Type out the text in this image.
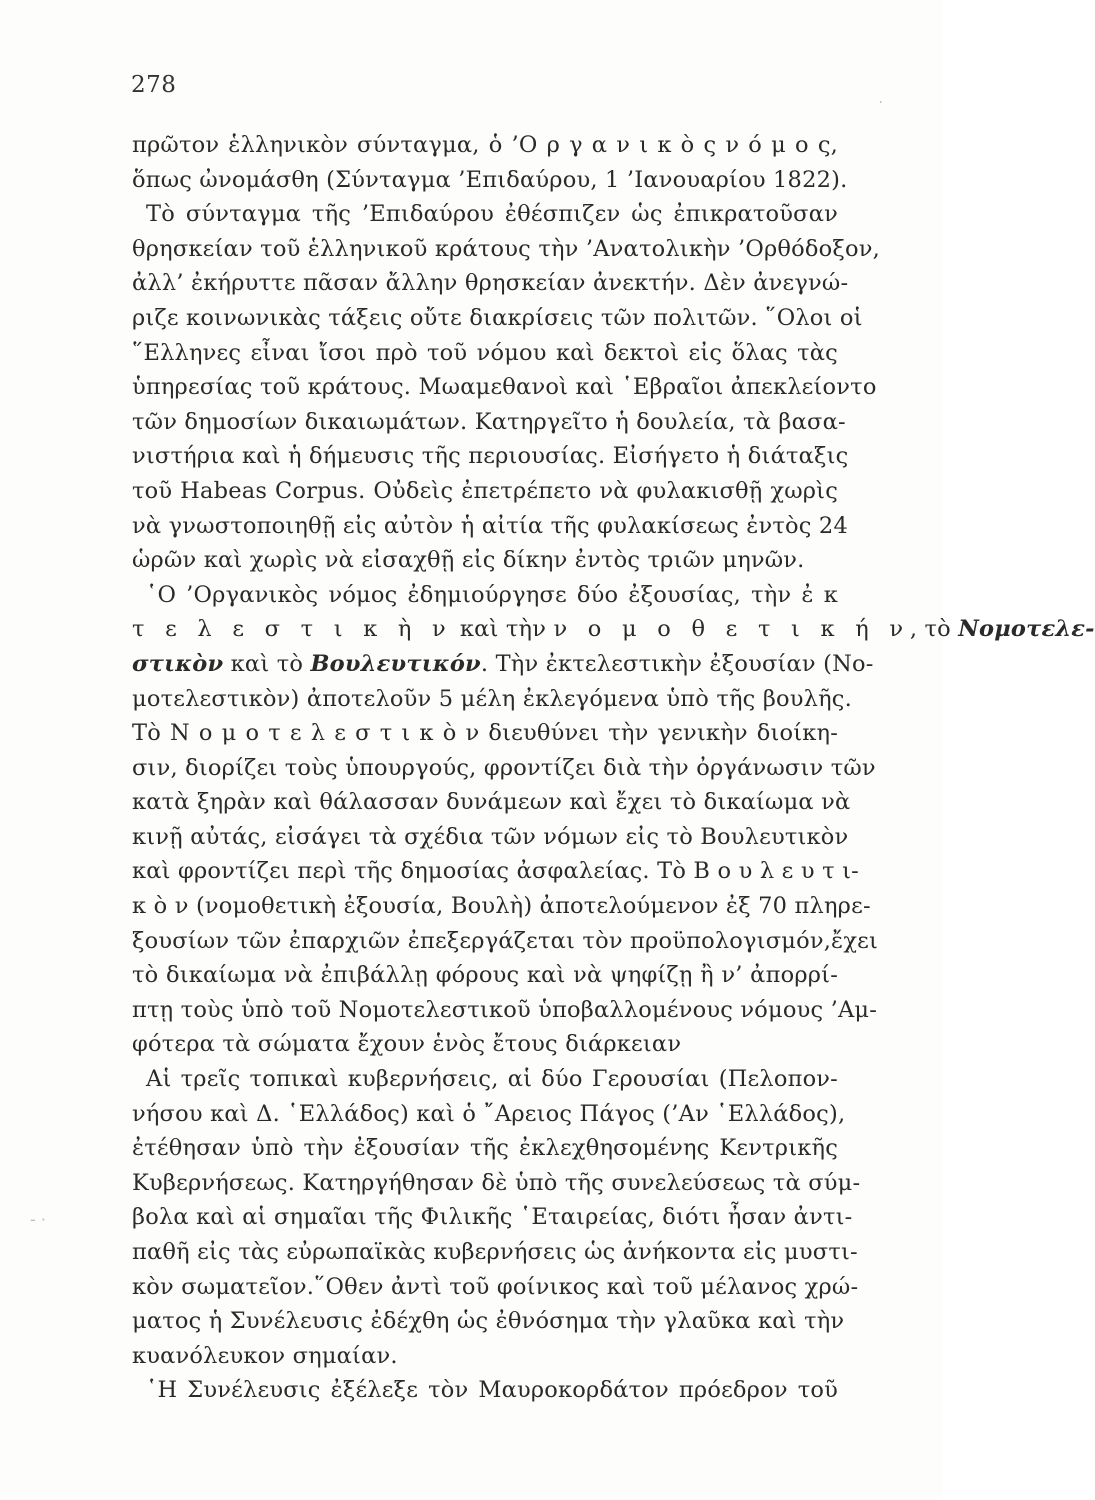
278
·
- ·
πρῶτον ἑλληνικὸν σύνταγμα, ὁ ’Ο ρ γ α ν ι κ ὸ ς ν ό μ ο ς,
ὅπως ὠνομάσθη (Σύνταγμα ’Επιδαύρου, 1 ’Ιανουαρίου 1822).
Τὸ σύνταγμα τῆς ’Επιδαύρου ἐθέσπιζεν ὡς ἐπικρατοῦσαν
θρησκείαν τοῦ ἑλληνικοῦ κράτους τὴν ’Ανατολικὴν ’Ορθόδοξον,
ἀλλ’ ἐκήρυττε πᾶσαν ἄλλην θρησκείαν ἀνεκτήν. Δὲν ἀνεγνώ-
ριζε κοινωνικὰς τάξεις οὔτε διακρίσεις τῶν πολιτῶν. ῞Ολοι οἱ
῞Ελληνες εἶναι ἴσοι πρὸ τοῦ νόμου καὶ δεκτοὶ εἰς ὅλας τὰς
ὑπηρεσίας τοῦ κράτους. Μωαμεθανοὶ καὶ ῾Εβραῖοι ἀπεκλείοντο
τῶν δημοσίων δικαιωμάτων. Κατηργεῖτο ἡ δουλεία, τὰ βασα-
νιστήρια καὶ ἡ δήμευσις τῆς περιουσίας. Εἰσήγετο ἡ διάταξις
τοῦ Habeas Corpus. Οὐδεὶς ἐπετρέπετο νὰ φυλακισθῇ χωρὶς
νὰ γνωστοποιηθῇ εἰς αὐτὸν ἡ αἰτία τῆς φυλακίσεως ἐντὸς 24
ὡρῶν καὶ χωρὶς νὰ εἰσαχθῇ εἰς δίκην ἐντὸς τριῶν μηνῶν.
῾Ο ’Οργανικὸς νόμος ἐδημιούργησε δύο ἐξουσίας, τὴν ἐ κ
τ ε λ ε σ τ ι κ ὴ ν καὶ τὴν ν ο μ ο θ ε τ ι κ ή ν, τὸ Νομοτελε-
στικὸν καὶ τὸ Βουλευτικόν. Τὴν ἐκτελεστικὴν ἐξουσίαν (Νο-
μοτελεστικὸν) ἀποτελοῦν 5 μέλη ἐκλεγόμενα ὑπὸ τῆς βουλῆς.
Τὸ Ν ο μ ο τ ε λ ε σ τ ι κ ὸ ν διευθύνει τὴν γενικὴν διοίκη-
σιν, διορίζει τοὺς ὑπουργούς, φροντίζει διὰ τὴν ὀργάνωσιν τῶν
κατὰ ξηρὰν καὶ θάλασσαν δυνάμεων καὶ ἔχει τὸ δικαίωμα νὰ
κινῇ αὐτάς, εἰσάγει τὰ σχέδια τῶν νόμων εἰς τὸ Βουλευτικὸν
καὶ φροντίζει περὶ τῆς δημοσίας ἀσφαλείας. Τὸ Β ο υ λ ε υ τ ι-
κ ὸ ν (νομοθετικὴ ἐξουσία, Βουλὴ) ἀποτελούμενον ἐξ 70 πληρε-
ξουσίων τῶν ἐπαρχιῶν ἐπεξεργάζεται τὸν προϋπολογισμόν,ἔχει
τὸ δικαίωμα νὰ ἐπιβάλλῃ φόρους καὶ νὰ ψηφίζῃ ἢ ν’ ἀπορρί-
πτῃ τοὺς ὑπὸ τοῦ Νομοτελεστικοῦ ὑποβαλλομένους νόμους ’Αμ-
φότερα τὰ σώματα ἔχουν ἑνὸς ἔτους διάρκειαν
Αἱ τρεῖς τοπικαὶ κυβερνήσεις, αἱ δύο Γερουσίαι (Πελοπον-
νήσου καὶ Δ. ῾Ελλάδος) καὶ ὁ ῎Αρειος Πάγος (’Αν ῾Ελλάδος),
ἐτέθησαν ὑπὸ τὴν ἐξουσίαν τῆς ἐκλεχθησομένης Κεντρικῆς
Κυβερνήσεως. Κατηργήθησαν δὲ ὑπὸ τῆς συνελεύσεως τὰ σύμ-
βολα καὶ αἱ σημαῖαι τῆς Φιλικῆς ῾Εταιρείας, διότι ἦσαν ἀντι-
παθῆ εἰς τὰς εὐρωπαϊκὰς κυβερνήσεις ὡς ἀνήκοντα εἰς μυστι-
κὸν σωματεῖον.῞Οθεν ἀντὶ τοῦ φοίνικος καὶ τοῦ μέλανος χρώ-
ματος ἡ Συνέλευσις ἐδέχθη ὡς ἐθνόσημα τὴν γλαῦκα καὶ τὴν
κυανόλευκον σημαίαν.
῾Η Συνέλευσις ἐξέλεξε τὸν Μαυροκορδάτον πρόεδρον τοῦ
